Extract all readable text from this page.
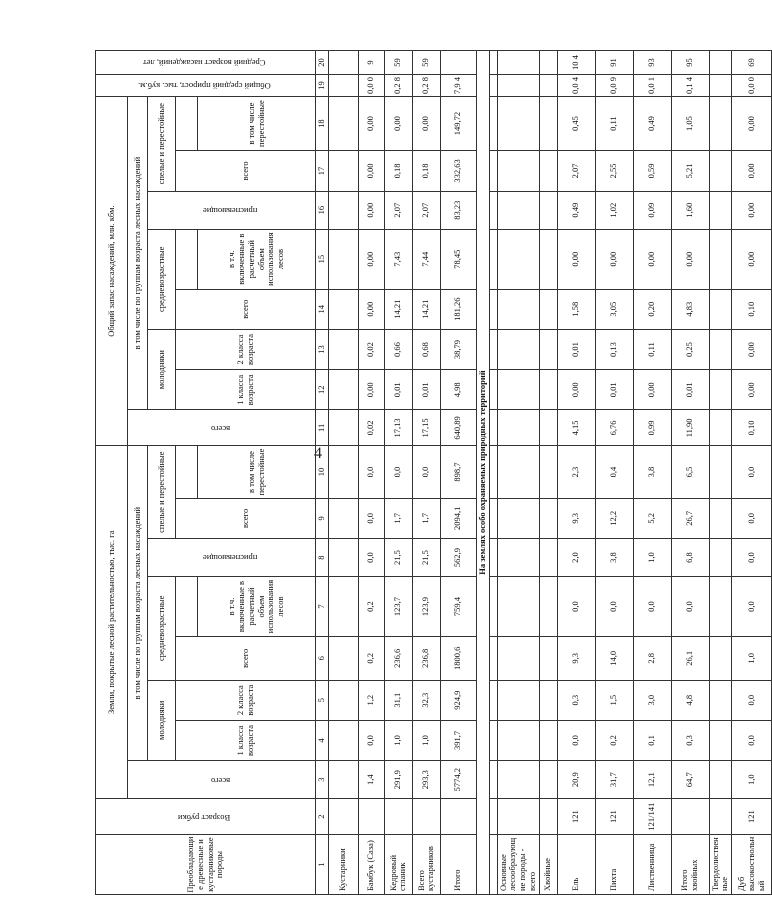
4
Преобладающие древесные и кустарниковые породы	Возраст рубки	Земли, покрытые лесной растительностью, тыс. га								Общий запас насаждений, млн. кбм.								Общий средний прирост, тыс. куб.м.	Средний возраст насаждений, лет
		всего	в том числе по группам возраста лесных насаждений							всего	в том числе по группам возраста лесных насаждений								
			молодняки		средневозрастные		приспевающие	спелые и перестойные			молодняки		средневозрастные		приспевающие	спелые и перестойные			
			1 класса возраста	2 класса возраста	всего			всего			1 класса возраста	2 класса возраста	всего			всего			
						в т.ч. включенные в расчетный объем использования лесов			в том числе перестойные					в т.ч. включенные в расчетный объем использования лесов			в том числе перестойные		
1	2	3	4	5	6	7	8	9	10	11	12	13	14	15	16	17	18	19	20
Кустарники																			
Бамбук (Саза)		1,4	0,0	1,2	0,2	0,2	0,0	0,0	0,0	0,02	0,00	0,02	0,00	0,00	0,00	0,00	0,00	0,0 0	9
Кедровый стланик		291,9	1,0	31,1	236,6	123,7	21,5	1,7	0,0	17,13	0,01	0,66	14,21	7,43	2,07	0,18	0,00	0,2 8	59
Всего кустарников		293,3	1,0	32,3	236,8	123,9	21,5	1,7	0,0	17,15	0,01	0,68	14,21	7,44	2,07	0,18	0,00	0,2 8	59
Итого		5774,2	391,7	924,9	1800,6	759,4	562,9	2094,1	898,7	640,89	4,98	38,79	181,26	78,45	83,23	332,63	149,72	7,9 4	
На землях особо охраняемых природных территорий																			

Основные лесообразующие породы - всего																			
Хвойные																			
Ель	121	20,9	0,0	0,3	9,3	0,0	2,0	9,3	2,3	4,15	0,00	0,01	1,58	0,00	0,49	2,07	0,45	0,0 4	10 4
Пихта	121	31,7	0,2	1,5	14,0	0,0	3,8	12,2	0,4	6,76	0,01	0,13	3,05	0,00	1,02	2,55	0,11	0,0 9	91
Лиственница	121/141	12,1	0,1	3,0	2,8	0,0	1,0	5,2	3,8	0,99	0,00	0,11	0,20	0,00	0,09	0,59	0,49	0,0 1	93
Итого хвойных		64,7	0,3	4,8	26,1	0,0	6,8	26,7	6,5	11,90	0,01	0,25	4,83	0,00	1,60	5,21	1,05	0,1 4	95
Твердолиственные																			
Дуб высокоствольный	121	1,0	0,0	0,0	1,0	0,0	0,0	0,0	0,0	0,10	0,00	0,00	0,10	0,00	0,00	0,00	0,00	0,0 0	69
